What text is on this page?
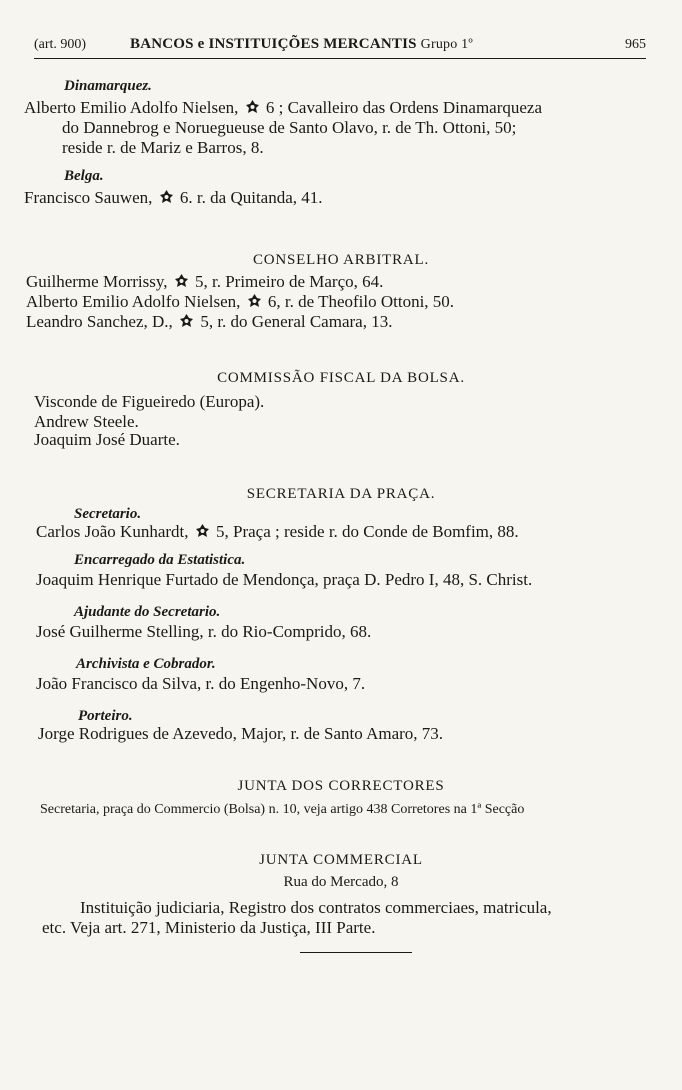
(art. 900)	BANCOS e INSTITUIÇÕES MERCANTIS Grupo 1º	965
Dinamarquez.
Alberto Emilio Adolfo Nielsen, 6 ; Cavalleiro das Ordens Dinamarqueza
do Dannebrog e Noruegueuse de Santo Olavo, r. de Th. Ottoni, 50;
reside r. de Mariz e Barros, 8.
Belga.
Francisco Sauwen, 6. r. da Quitanda, 41.
CONSELHO ARBITRAL.
Guilherme Morrissy, 5, r. Primeiro de Março, 64.
Alberto Emilio Adolfo Nielsen, 6, r. de Theofilo Ottoni, 50.
Leandro Sanchez, D., 5, r. do General Camara, 13.
COMMISSÃO FISCAL DA BOLSA.
Visconde de Figueiredo (Europa).
Andrew Steele.
Joaquim José Duarte.
SECRETARIA DA PRAÇA.
Secretario.
Carlos João Kunhardt, 5, Praça ; reside r. do Conde de Bomfim, 88.
Encarregado da Estatistica.
Joaquim Henrique Furtado de Mendonça, praça D. Pedro I, 48, S. Christ.
Ajudante do Secretario.
José Guilherme Stelling, r. do Rio-Comprido, 68.
Archivista e Cobrador.
João Francisco da Silva, r. do Engenho-Novo, 7.
Porteiro.
Jorge Rodrigues de Azevedo, Major, r. de Santo Amaro, 73.
JUNTA DOS CORRECTORES
Secretaria, praça do Commercio (Bolsa) n. 10, veja artigo 438 Corretores na 1ª Secção
JUNTA COMMERCIAL
Rua do Mercado, 8
Instituição judiciaria, Registro dos contratos commerciaes, matricula,
etc. Veja art. 271, Ministerio da Justiça, III Parte.
